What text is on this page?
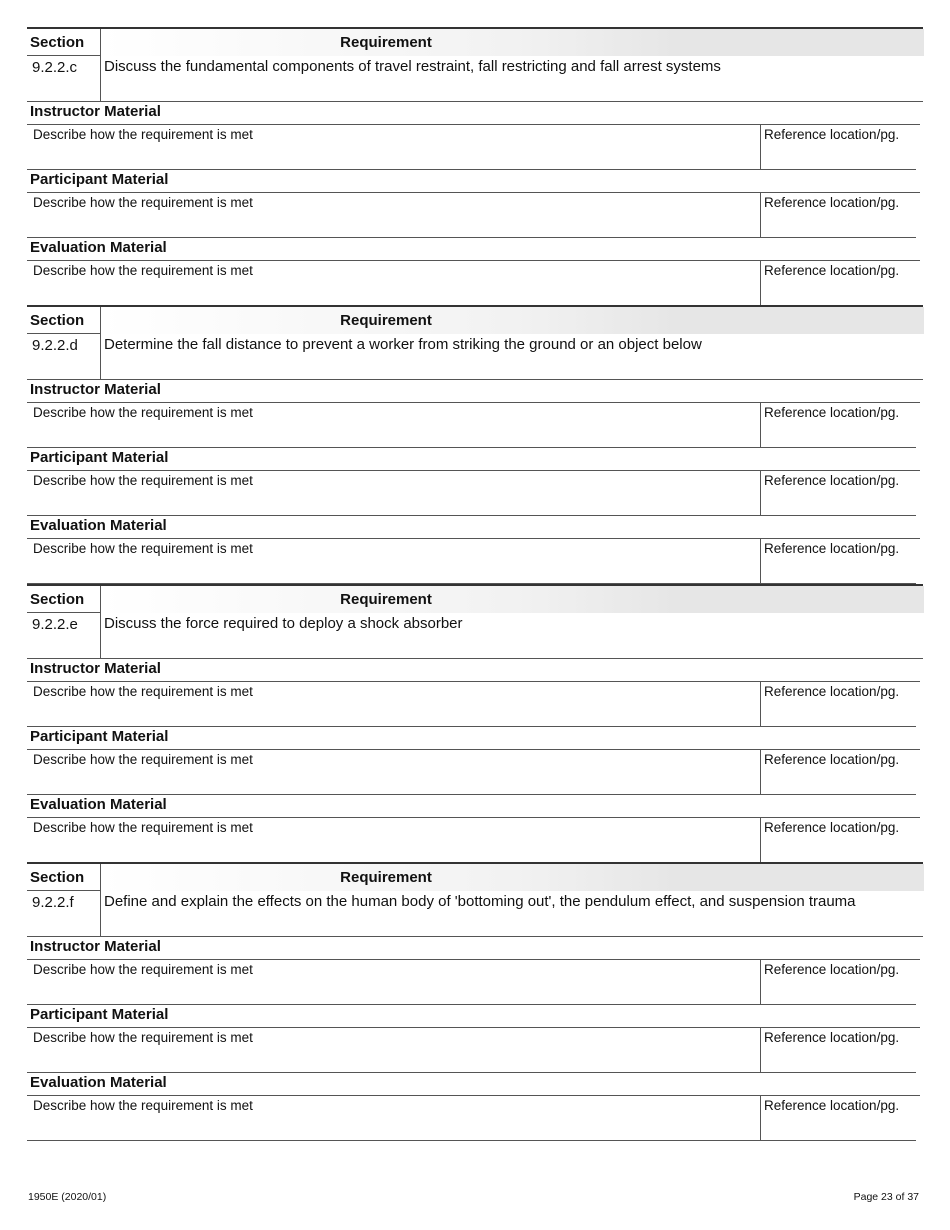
Section	Requirement
9.2.2.c Discuss the fundamental components of travel restraint, fall restricting and fall arrest systems
Instructor Material
Describe how the requirement is met	Reference location/pg.
Participant Material
Describe how the requirement is met	Reference location/pg.
Evaluation Material
Describe how the requirement is met	Reference location/pg.
Section	Requirement
9.2.2.d Determine the fall distance to prevent a worker from striking the ground or an object below
Instructor Material
Describe how the requirement is met	Reference location/pg.
Participant Material
Describe how the requirement is met	Reference location/pg.
Evaluation Material
Describe how the requirement is met	Reference location/pg.
Section	Requirement
9.2.2.e Discuss the force required to deploy a shock absorber
Instructor Material
Describe how the requirement is met	Reference location/pg.
Participant Material
Describe how the requirement is met	Reference location/pg.
Evaluation Material
Describe how the requirement is met	Reference location/pg.
Section	Requirement
9.2.2.f Define and explain the effects on the human body of 'bottoming out', the pendulum effect, and suspension trauma
Instructor Material
Describe how the requirement is met	Reference location/pg.
Participant Material
Describe how the requirement is met	Reference location/pg.
Evaluation Material
Describe how the requirement is met	Reference location/pg.
1950E (2020/01)	Page 23 of 37
